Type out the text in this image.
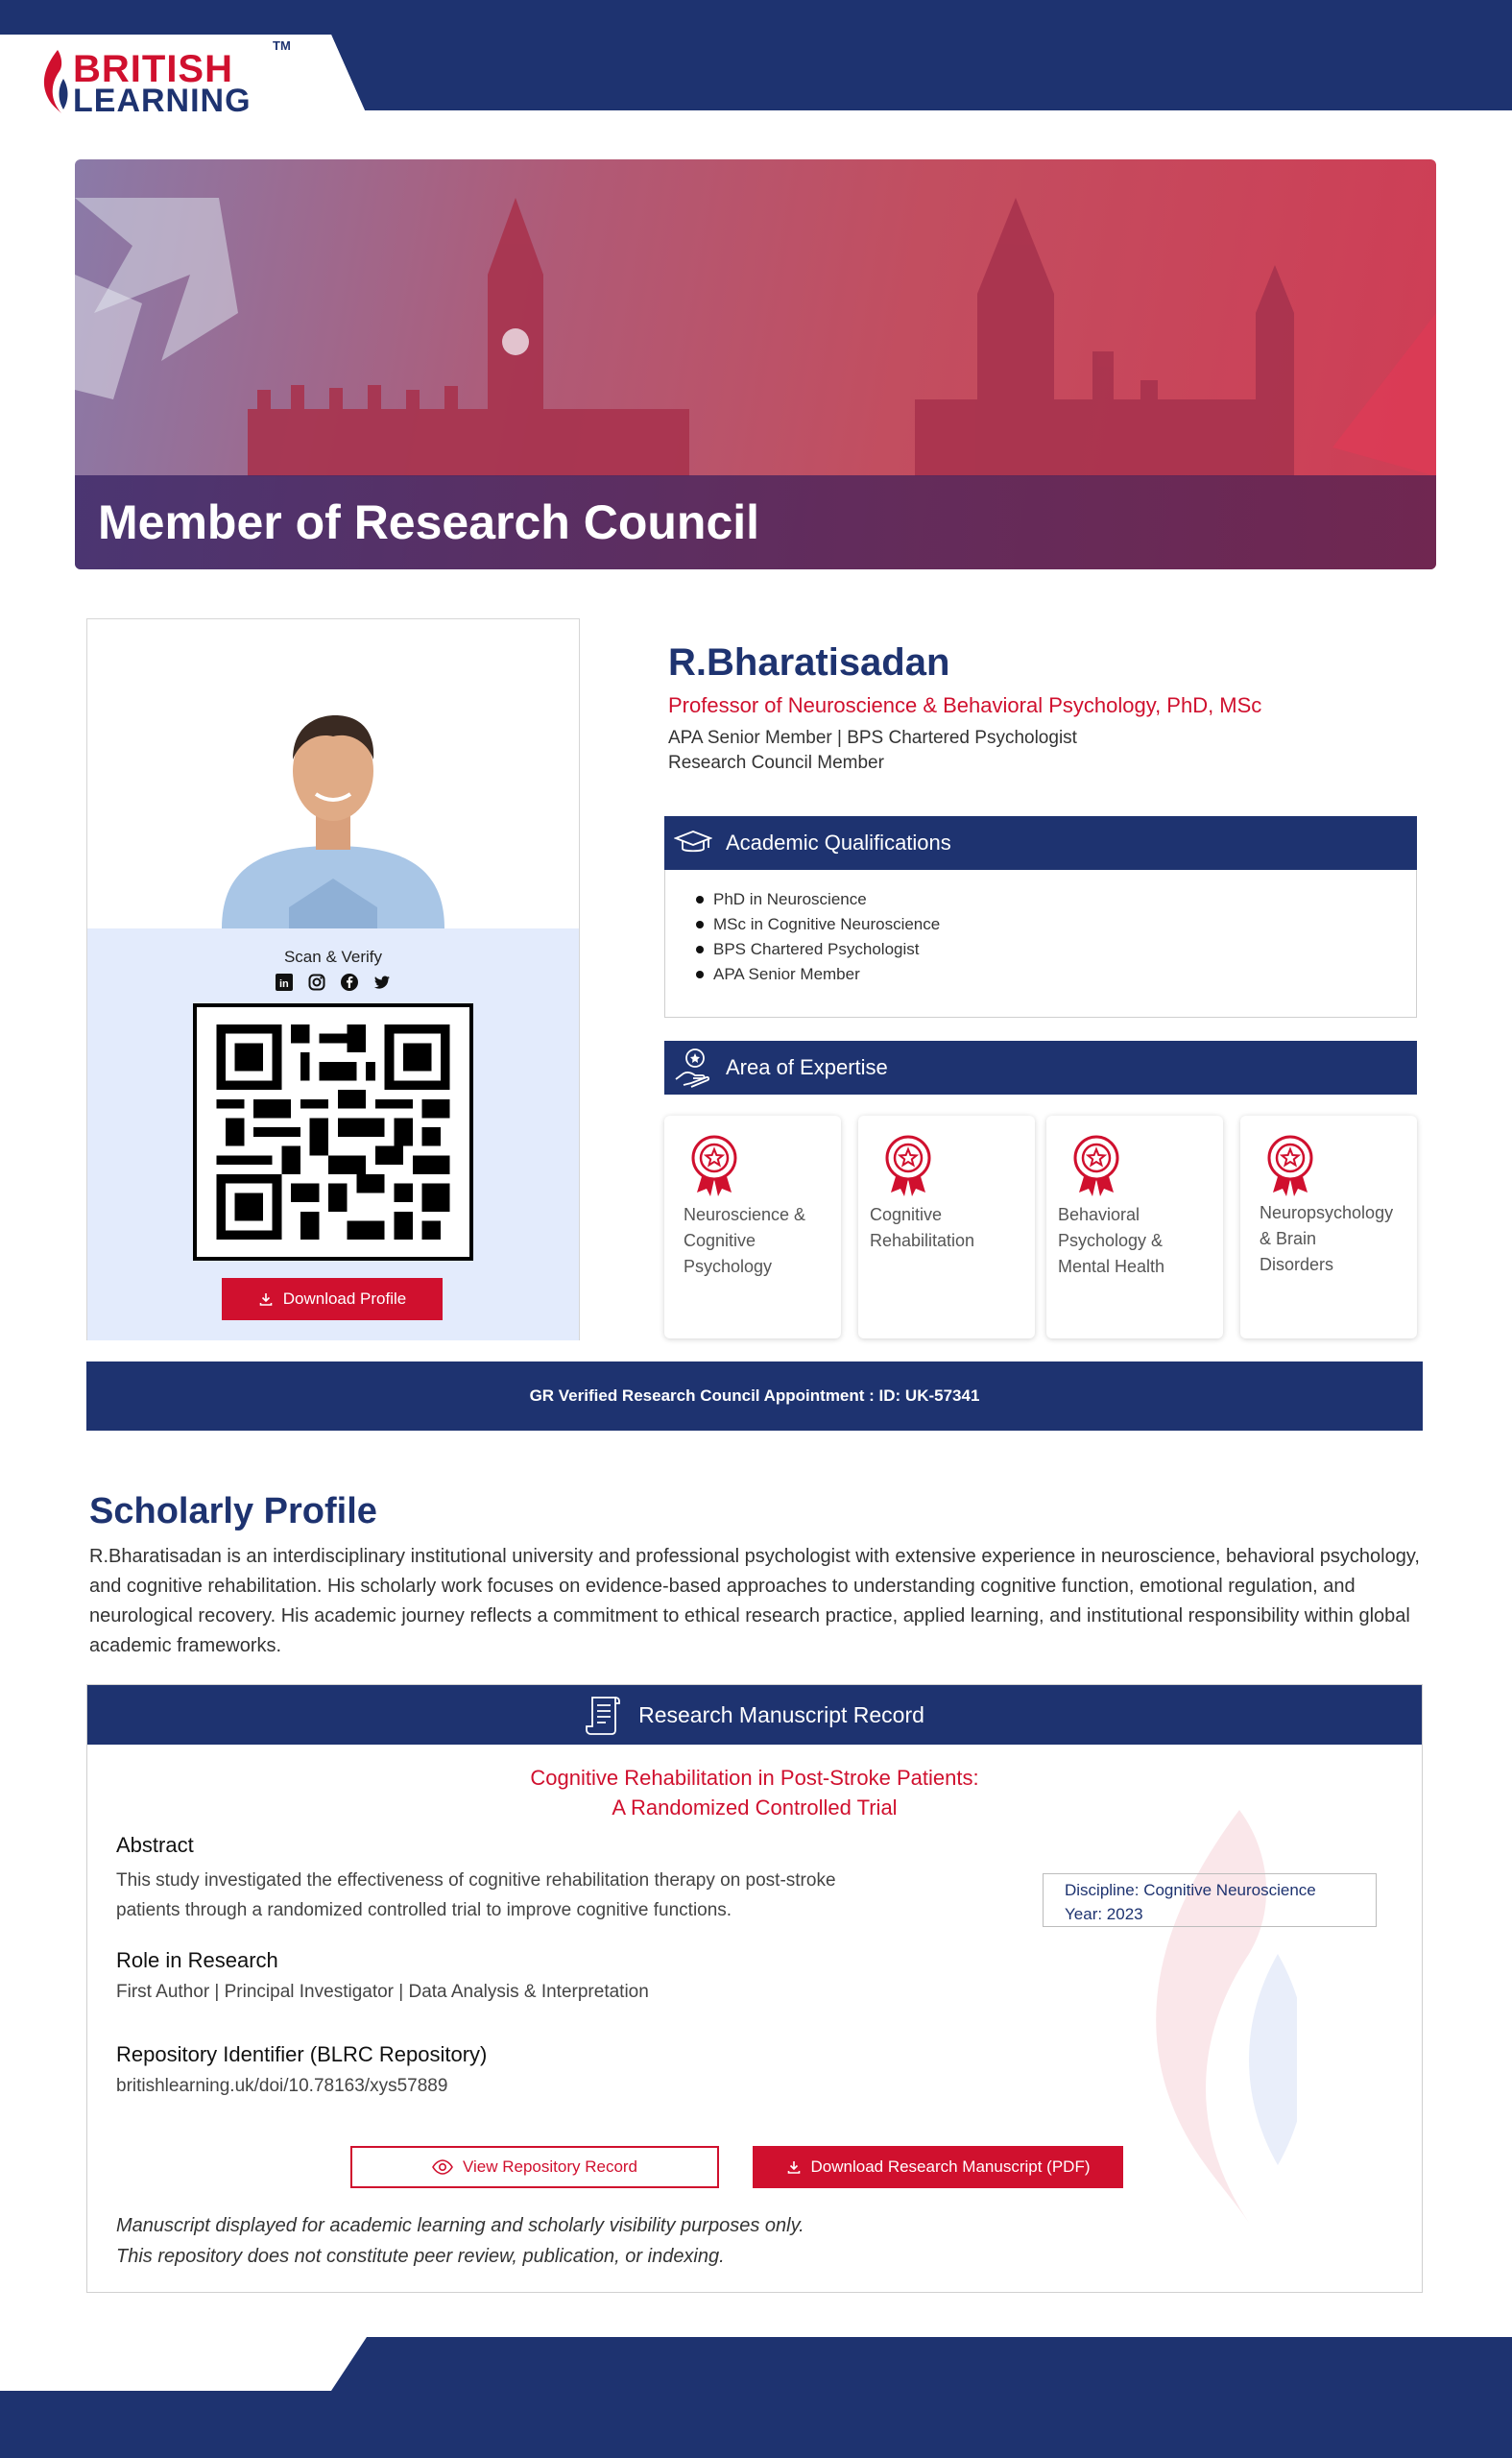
BRITISH
LEARNING
TM
Member of Research Council
Scan & Verify
in
Download Profile
R.Bharatisadan
Professor of Neuroscience & Behavioral Psychology, PhD, MSc
APA Senior Member | BPS Chartered Psychologist
Research Council Member
Academic Qualifications
PhD in Neuroscience
MSc in Cognitive Neuroscience
BPS Chartered Psychologist
APA Senior Member
Area of Expertise
Neuroscience &
Cognitive
Psychology
Cognitive
Rehabilitation
Behavioral
Psychology &
Mental Health
Neuropsychology
& Brain
Disorders
GR Verified Research Council Appointment : ID: UK-57341
Scholarly Profile
R.Bharatisadan is an interdisciplinary institutional university and professional psychologist with extensive experience in neuroscience, behavioral psychology, and cognitive rehabilitation. His scholarly work focuses on evidence-based approaches to understanding cognitive function, emotional regulation, and neurological recovery. His academic journey reflects a commitment to ethical research practice, applied learning, and institutional responsibility within global academic frameworks.
Research Manuscript Record
Cognitive Rehabilitation in Post-Stroke Patients:
A Randomized Controlled Trial
Abstract
This study investigated the effectiveness of cognitive rehabilitation therapy on post-stroke
patients through a randomized controlled trial to improve cognitive functions.
Discipline: Cognitive Neuroscience
Year: 2023
Role in Research
First Author | Principal Investigator | Data Analysis & Interpretation
Repository Identifier (BLRC Repository)
britishlearning.uk/doi/10.78163/xys57889
View Repository Record	Download Research Manuscript (PDF)
Manuscript displayed for academic learning and scholarly visibility purposes only.
This repository does not constitute peer review, publication, or indexing.
